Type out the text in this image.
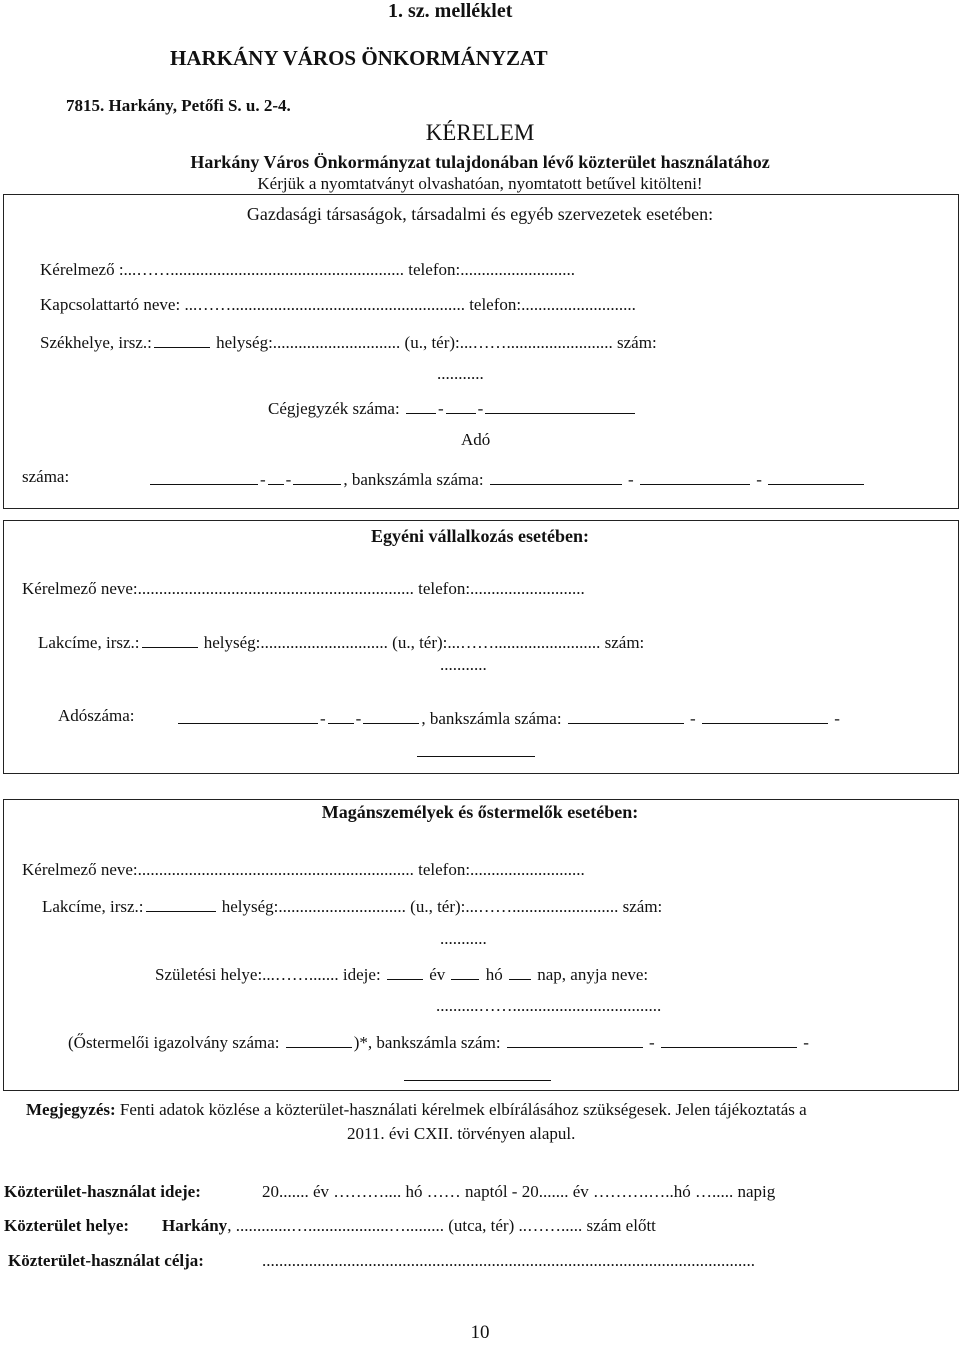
1. sz. melléklet
HARKÁNY VÁROS ÖNKORMÁNYZAT
7815. Harkány, Petőfi S. u. 2-4.
KÉRELEM
Harkány Város Önkormányzat tulajdonában lévő közterület használatához
Kérjük a nyomtatványt olvashatóan, nyomtatott betűvel kitölteni!
Gazdasági társaságok, társadalmi és egyéb szervezetek esetében:
Kérelmező :...……....................................................... telefon:...........................
Kapcsolattartó neve: ...……....................................................... telefon:...........................
Székhelye, irsz.:	helység:.............................. (u., tér):...……......................... szám:
...........
Cégjegyzék száma: - -
Adó
száma:	- -	, bankszámla száma:	-	-
Egyéni vállalkozás esetében:
Kérelmező neve:................................................................. telefon:...........................
Lakcíme, irsz.:	helység:.............................. (u., tér):...……......................... szám:
...........
Adószáma:	- -	, bankszámla száma:	-	-
Magánszemélyek és őstermelők esetében:
Kérelmező neve:................................................................. telefon:...........................
Lakcíme, irsz.:	helység:.............................. (u., tér):...……......................... szám:
...........
Születési helye:...……....... ideje:	év hó nap, anyja neve:
..........……...................................
(Őstermelői igazolvány száma:	)*, bankszámla szám:	-	-
Megjegyzés: Fenti adatok közlése a közterület-használati kérelmek elbírálásához szükségesek. Jelen tájékoztatás a
2011. évi CXII. törvényen alapul.
Közterület-használat ideje:	20....... év ……….... hó …… naptól - 20....... év ……….…..hó …..... napig
Közterület helye: Harkány, .............…...................…......... (utca, tér) ..……..... szám előtt
Közterület-használat célja:	....................................................................................................................
10
